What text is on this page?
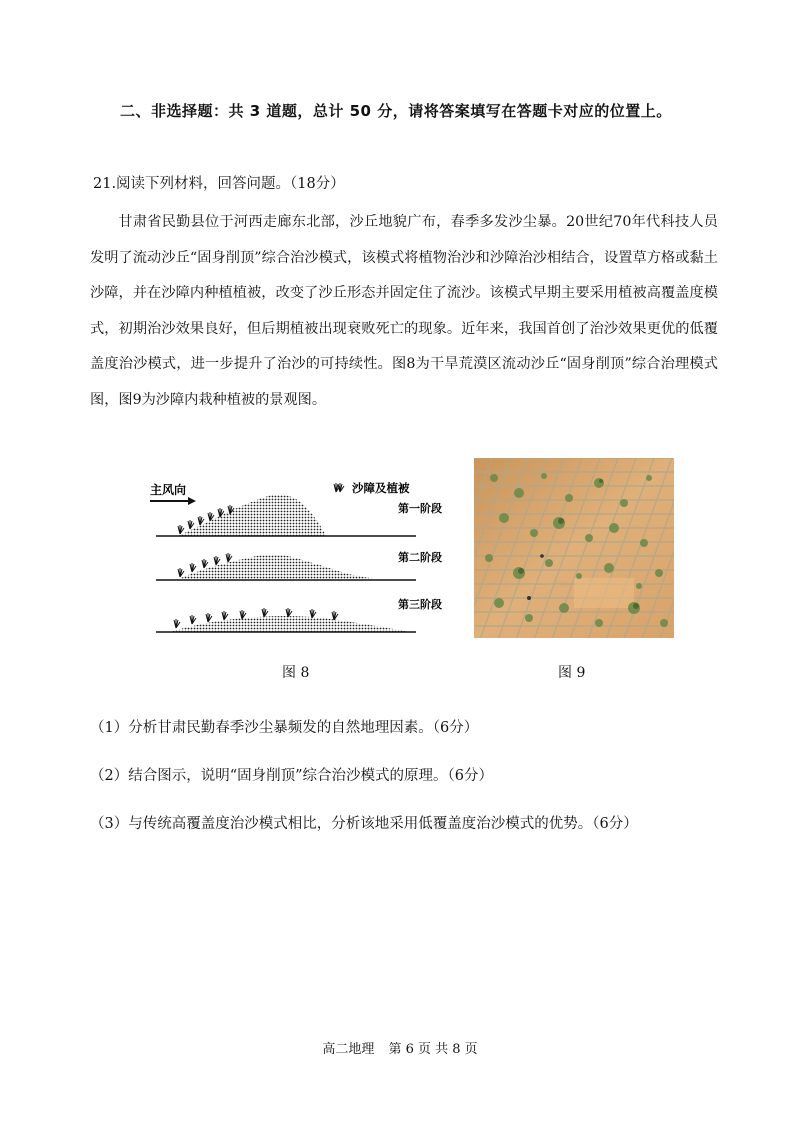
二、非选择题：共 3 道题，总计 50 分，请将答案填写在答题卡对应的位置上。
21.阅读下列材料，回答问题。（18分）

甘肃省民勤县位于河西走廊东北部，沙丘地貌广布，春季多发沙尘暴。20世纪70年代科技人员发明了流动沙丘“固身削顶”综合治沙模式，该模式将植物治沙和沙障治沙相结合，设置草方格或黏土沙障，并在沙障内种植植被，改变了沙丘形态并固定住了流沙。该模式早期主要采用植被高覆盖度模式，初期治沙效果良好，但后期植被出现衰败死亡的现象。近年来，我国首创了治沙效果更优的低覆盖度治沙模式，进一步提升了治沙的可持续性。图8为干旱荒漠区流动沙丘“固身削顶”综合治理模式图，图9为沙障内栽种植被的景观图。

主风向	沙障及植被
第一阶段
第二阶段
第三阶段
图 8	图 9
（1）分析甘肃民勤春季沙尘暴频发的自然地理因素。（6分）
（2）结合图示，说明“固身削顶”综合治沙模式的原理。（6分）
（3）与传统高覆盖度治沙模式相比，分析该地采用低覆盖度治沙模式的优势。（6分）
高二地理 第 6 页 共 8 页
